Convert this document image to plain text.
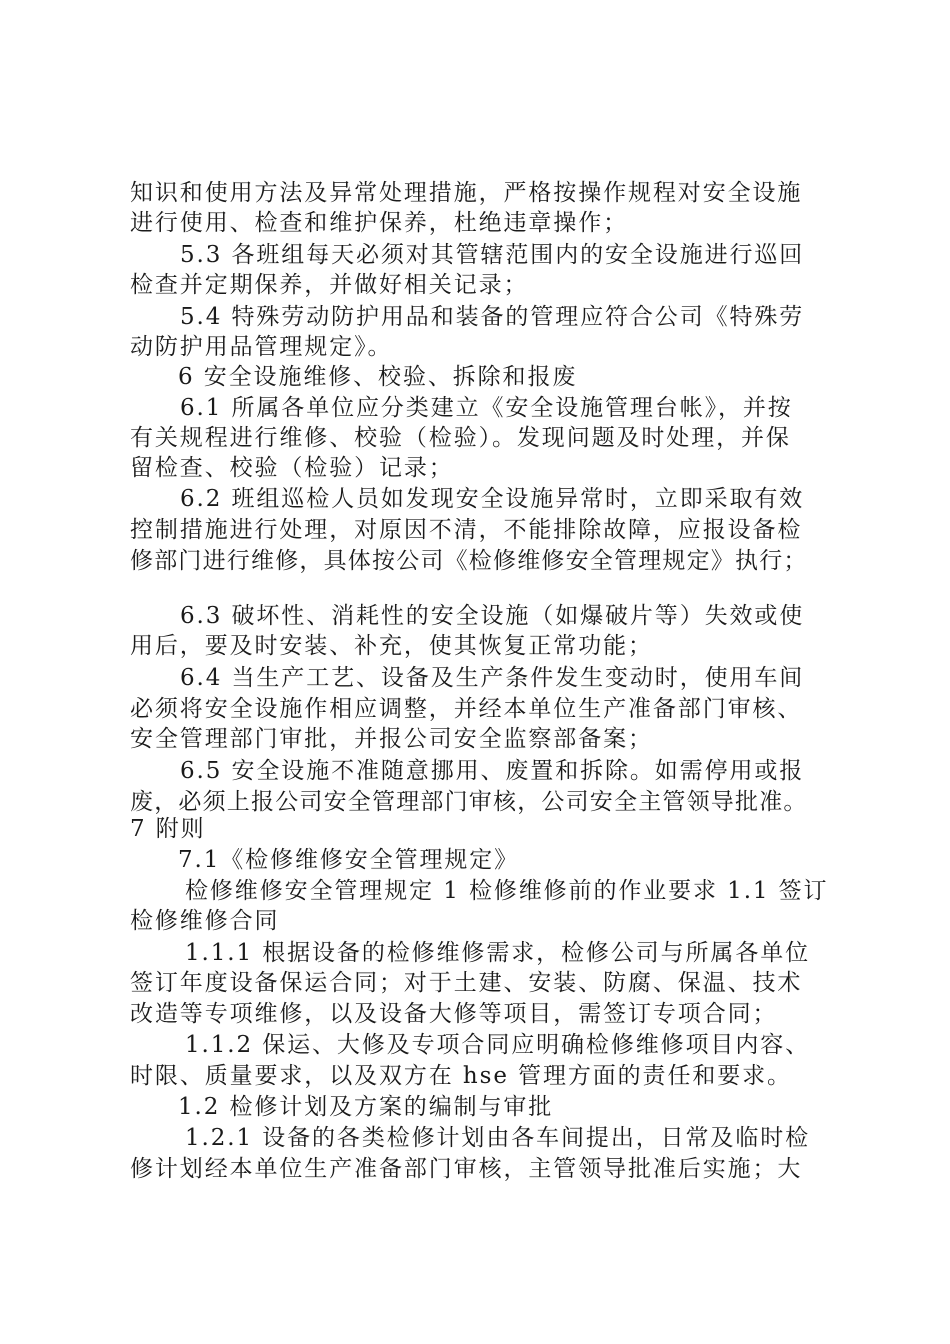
知识和使用方法及异常处理措施，严格按操作规程对安全设施
进行使用、检查和维护保养，杜绝违章操作；
5.3 各班组每天必须对其管辖范围内的安全设施进行巡回
检查并定期保养，并做好相关记录；
5.4 特殊劳动防护用品和装备的管理应符合公司《特殊劳
动防护用品管理规定》。
6 安全设施维修、校验、拆除和报废
6.1 所属各单位应分类建立《安全设施管理台帐》，并按
有关规程进行维修、校验（检验）。发现问题及时处理，并保
留检查、校验（检验）记录；
6.2 班组巡检人员如发现安全设施异常时，立即采取有效
控制措施进行处理，对原因不清，不能排除故障，应报设备检
修部门进行维修，具体按公司《检修维修安全管理规定》执行；
6.3 破坏性、消耗性的安全设施（如爆破片等）失效或使
用后，要及时安装、补充，使其恢复正常功能；
6.4 当生产工艺、设备及生产条件发生变动时，使用车间
必须将安全设施作相应调整，并经本单位生产准备部门审核、
安全管理部门审批，并报公司安全监察部备案；
6.5 安全设施不准随意挪用、废置和拆除。如需停用或报
废，必须上报公司安全管理部门审核，公司安全主管领导批准。
7 附则
7.1《检修维修安全管理规定》
检修维修安全管理规定 1 检修维修前的作业要求 1.1 签订
检修维修合同
1.1.1 根据设备的检修维修需求，检修公司与所属各单位
签订年度设备保运合同；对于土建、安装、防腐、保温、技术
改造等专项维修，以及设备大修等项目，需签订专项合同；
1.1.2 保运、大修及专项合同应明确检修维修项目内容、
时限、质量要求，以及双方在 hse 管理方面的责任和要求。
1.2 检修计划及方案的编制与审批
1.2.1 设备的各类检修计划由各车间提出，日常及临时检
修计划经本单位生产准备部门审核，主管领导批准后实施；大
